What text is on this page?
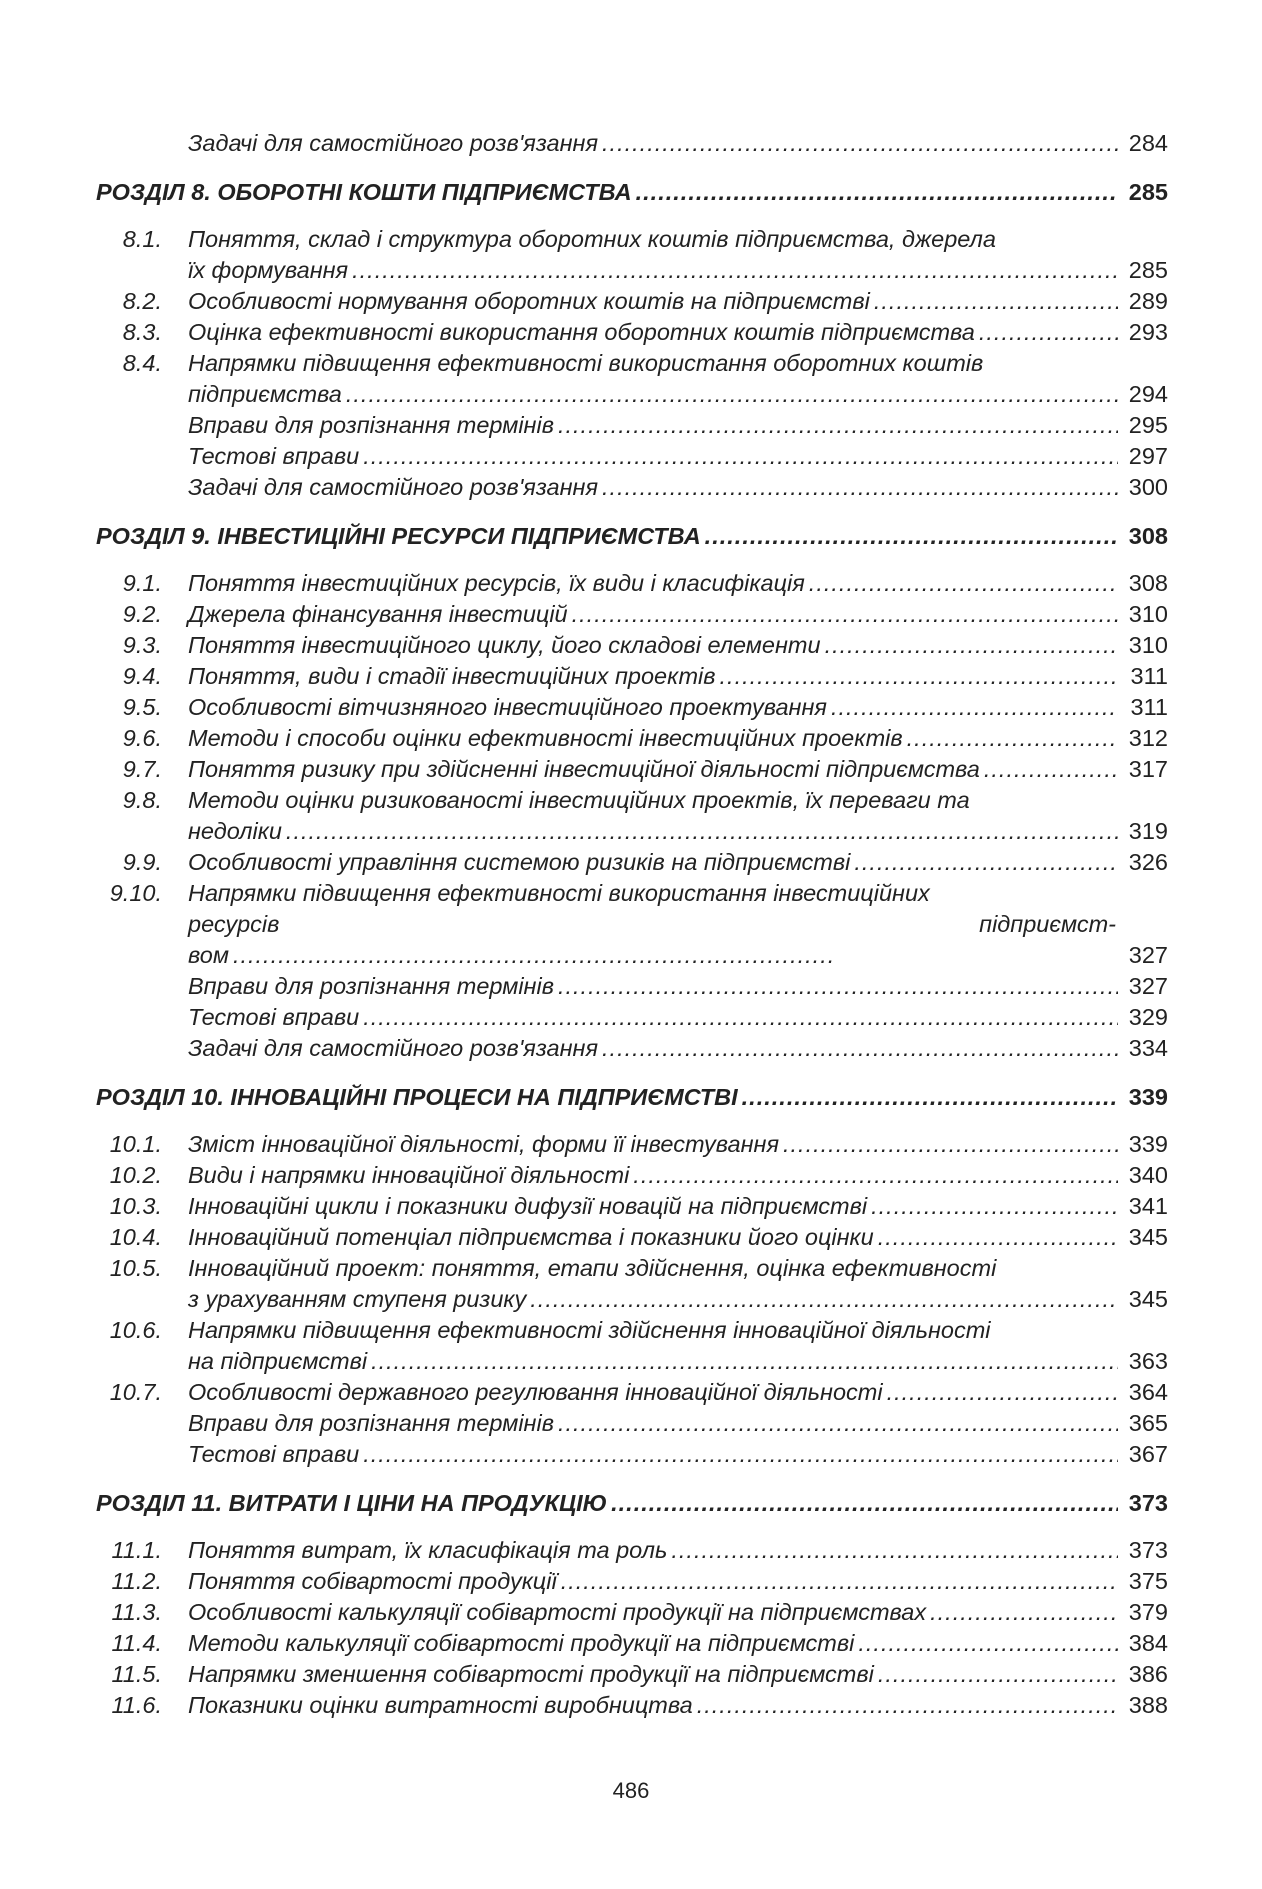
Задачі для самостійного розв'язання .....	284
РОЗДІЛ 8. ОБОРОТНІ КОШТИ ПІДПРИЄМСТВА .....	285
8.1. Поняття, склад і структура оборотних коштів підприємства, джерела
їх формування .....	285
8.2. Особливості нормування оборотних коштів на підприємстві .....	289
8.3. Оцінка ефективності використання оборотних коштів підприємства .....	293
8.4. Напрямки підвищення ефективності використання оборотних коштів
підприємства .....	294
Вправи для розпізнання термінів .....	295
Тестові вправи .....	297
Задачі для самостійного розв'язання .....	300
РОЗДІЛ 9. ІНВЕСТИЦІЙНІ РЕСУРСИ ПІДПРИЄМСТВА .....	308
9.1. Поняття інвестиційних ресурсів, їх види і класифікація .....	308
9.2. Джерела фінансування інвестицій .....	310
9.3. Поняття інвестиційного циклу, його складові елементи .....	310
9.4. Поняття, види і стадії інвестиційних проектів .....	311
9.5. Особливості вітчизняного інвестиційного проектування .....	311
9.6. Методи і способи оцінки ефективності інвестиційних проектів .....	312
9.7. Поняття ризику при здійсненні інвестиційної діяльності підприємства .....	317
9.8. Методи оцінки ризикованості інвестиційних проектів, їх переваги та
недоліки .....	319
9.9. Особливості управління системою ризиків на підприємстві .....	326
9.10. Напрямки підвищення ефективності використання інвестиційних
ресурсів	підприємст-
вом .....	327
Вправи для розпізнання термінів .....	327
Тестові вправи .....	329
Задачі для самостійного розв'язання .....	334
РОЗДІЛ 10. ІННОВАЦІЙНІ ПРОЦЕСИ НА ПІДПРИЄМСТВІ .....	339
10.1. Зміст інноваційної діяльності, форми її інвестування .....	339
10.2. Види і напрямки інноваційної діяльності .....	340
10.3. Інноваційні цикли і показники дифузії новацій на підприємстві .....	341
10.4. Інноваційний потенціал підприємства і показники його оцінки .....	345
10.5. Інноваційний проект: поняття, етапи здійснення, оцінка ефективності
з урахуванням ступеня ризику .....	345
10.6. Напрямки підвищення ефективності здійснення інноваційної діяльності
на підприємстві .....	363
10.7. Особливості державного регулювання інноваційної діяльності .....	364
Вправи для розпізнання термінів .....	365
Тестові вправи .....	367
РОЗДІЛ 11. ВИТРАТИ І ЦІНИ НА ПРОДУКЦІЮ .....	373
11.1. Поняття витрат, їх класифікація та роль .....	373
11.2. Поняття собівартості продукції .....	375
11.3. Особливості калькуляції собівартості продукції на підприємствах .....	379
11.4. Методи калькуляції собівартості продукції на підприємстві .....	384
11.5. Напрямки зменшення собівартості продукції на підприємстві .....	386
11.6. Показники оцінки витратності виробництва .....	388
486
